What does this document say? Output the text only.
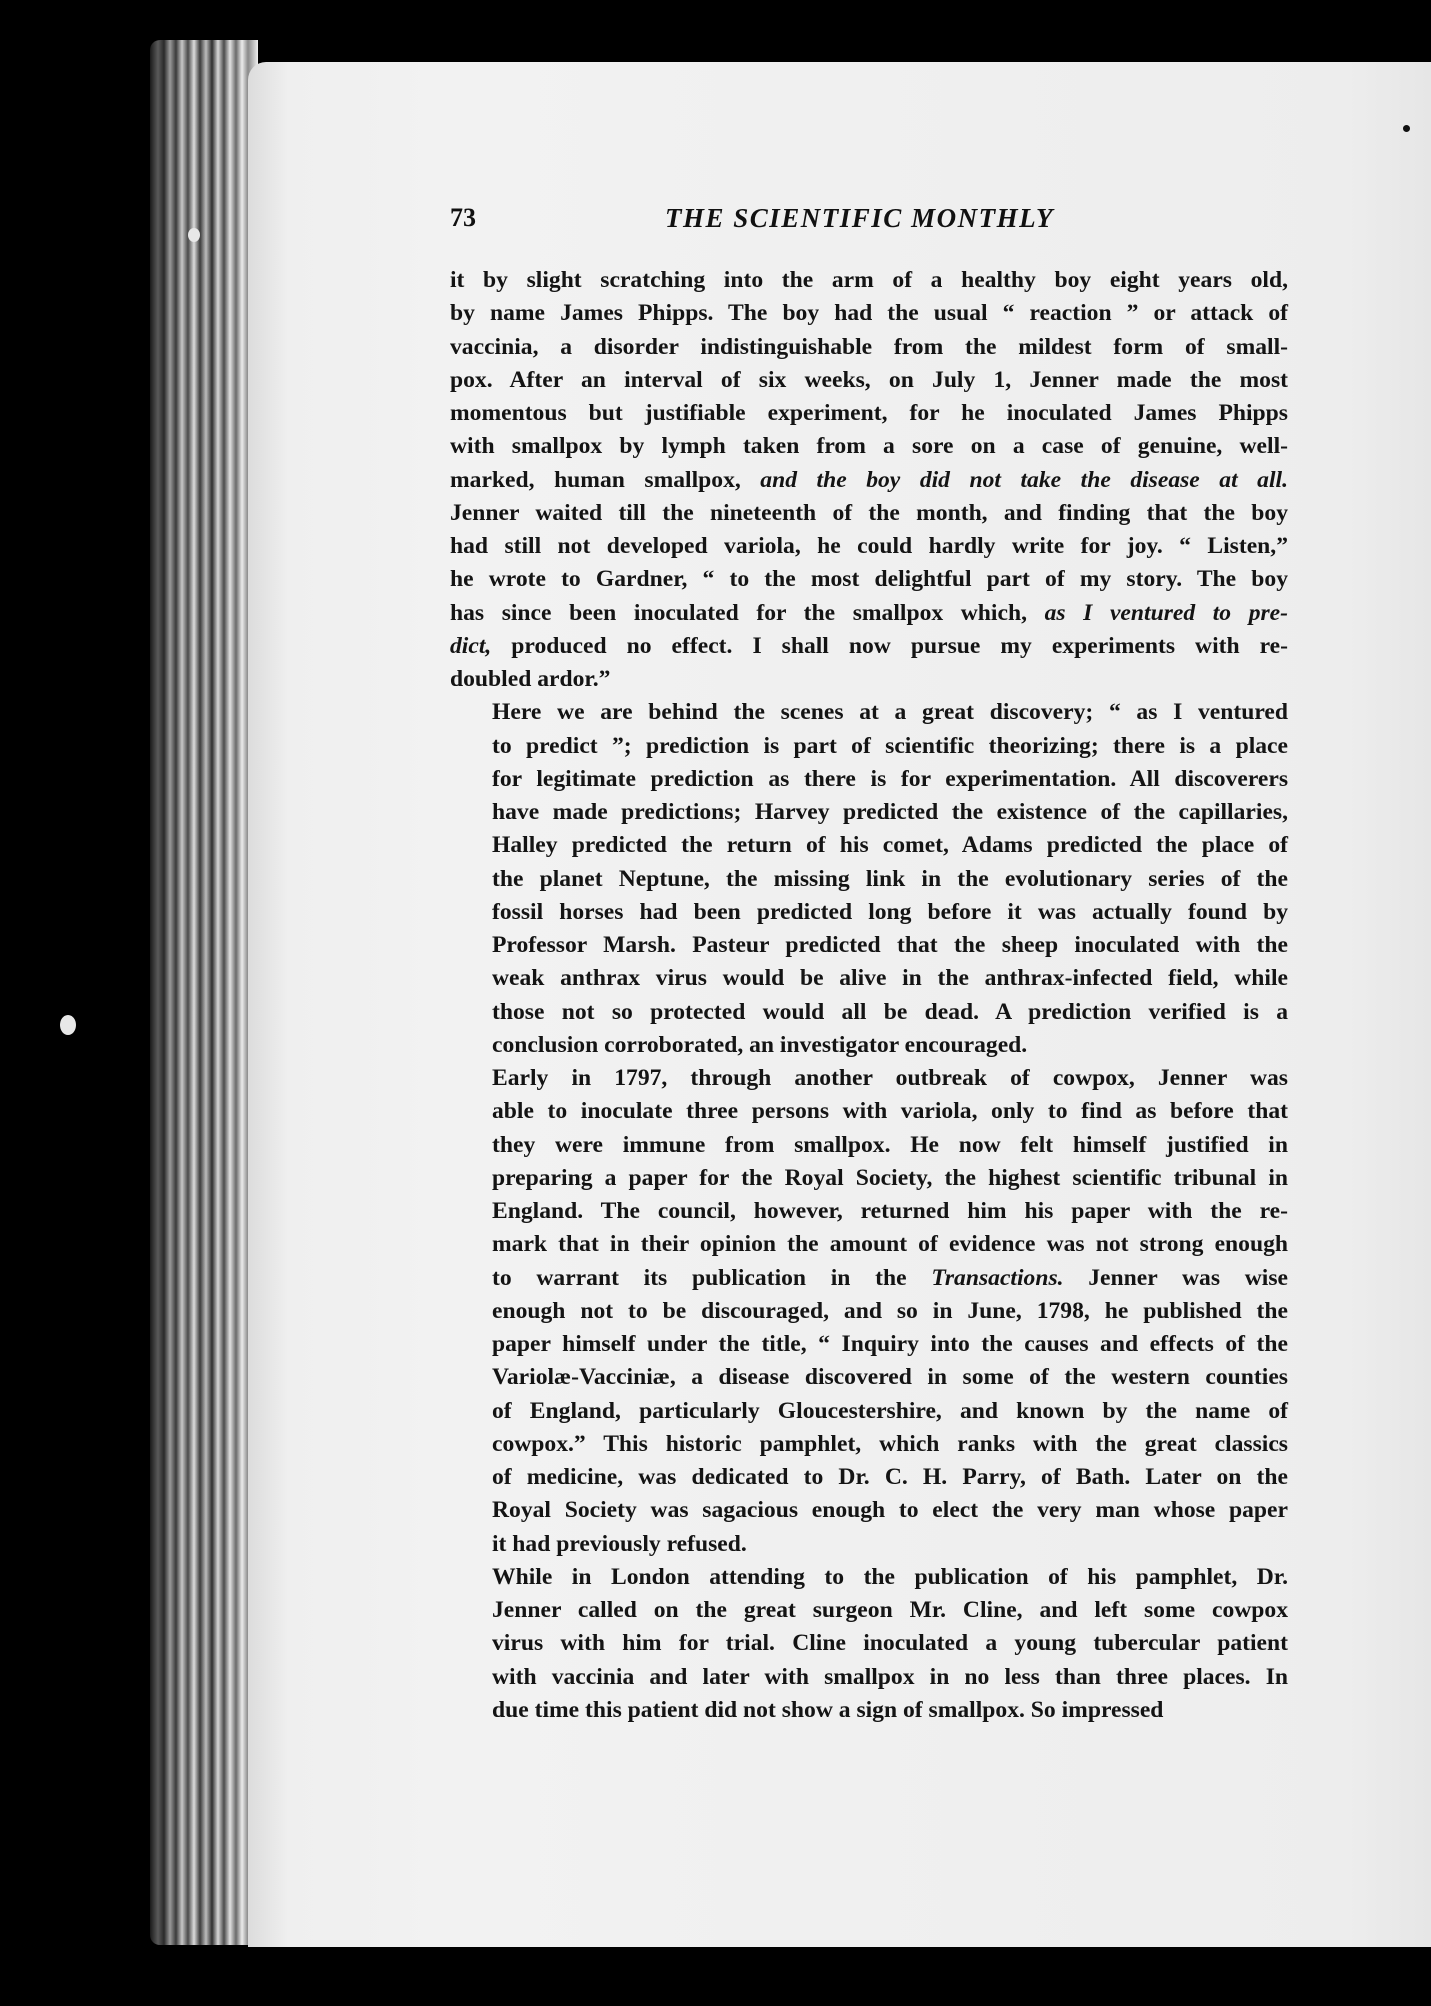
73	THE SCIENTIFIC MONTHLY

it by slight scratching into the arm of a healthy boy eight years old,
by name James Phipps. The boy had the usual “ reaction ” or attack of
vaccinia, a disorder indistinguishable from the mildest form of small-
pox. After an interval of six weeks, on July 1, Jenner made the most
momentous but justifiable experiment, for he inoculated James Phipps
with smallpox by lymph taken from a sore on a case of genuine, well-
marked, human smallpox, and the boy did not take the disease at all.
Jenner waited till the nineteenth of the month, and finding that the boy
had still not developed variola, he could hardly write for joy. “ Listen,”
he wrote to Gardner, “ to the most delightful part of my story. The boy
has since been inoculated for the smallpox which, as I ventured to pre-
dict, produced no effect. I shall now pursue my experiments with re-
doubled ardor.”

Here we are behind the scenes at a great discovery; “ as I ventured
to predict ”; prediction is part of scientific theorizing; there is a place
for legitimate prediction as there is for experimentation. All discoverers
have made predictions; Harvey predicted the existence of the capillaries,
Halley predicted the return of his comet, Adams predicted the place of
the planet Neptune, the missing link in the evolutionary series of the
fossil horses had been predicted long before it was actually found by
Professor Marsh. Pasteur predicted that the sheep inoculated with the
weak anthrax virus would be alive in the anthrax-infected field, while
those not so protected would all be dead. A prediction verified is a
conclusion corroborated, an investigator encouraged.

Early in 1797, through another outbreak of cowpox, Jenner was
able to inoculate three persons with variola, only to find as before that
they were immune from smallpox. He now felt himself justified in
preparing a paper for the Royal Society, the highest scientific tribunal in
England. The council, however, returned him his paper with the re-
mark that in their opinion the amount of evidence was not strong enough
to warrant its publication in the Transactions. Jenner was wise
enough not to be discouraged, and so in June, 1798, he published the
paper himself under the title, “ Inquiry into the causes and effects of the
Variolæ-Vacciniæ, a disease discovered in some of the western counties
of England, particularly Gloucestershire, and known by the name of
cowpox.” This historic pamphlet, which ranks with the great classics
of medicine, was dedicated to Dr. C. H. Parry, of Bath. Later on the
Royal Society was sagacious enough to elect the very man whose paper
it had previously refused.

While in London attending to the publication of his pamphlet, Dr.
Jenner called on the great surgeon Mr. Cline, and left some cowpox
virus with him for trial. Cline inoculated a young tubercular patient
with vaccinia and later with smallpox in no less than three places. In
due time this patient did not show a sign of smallpox. So impressed
